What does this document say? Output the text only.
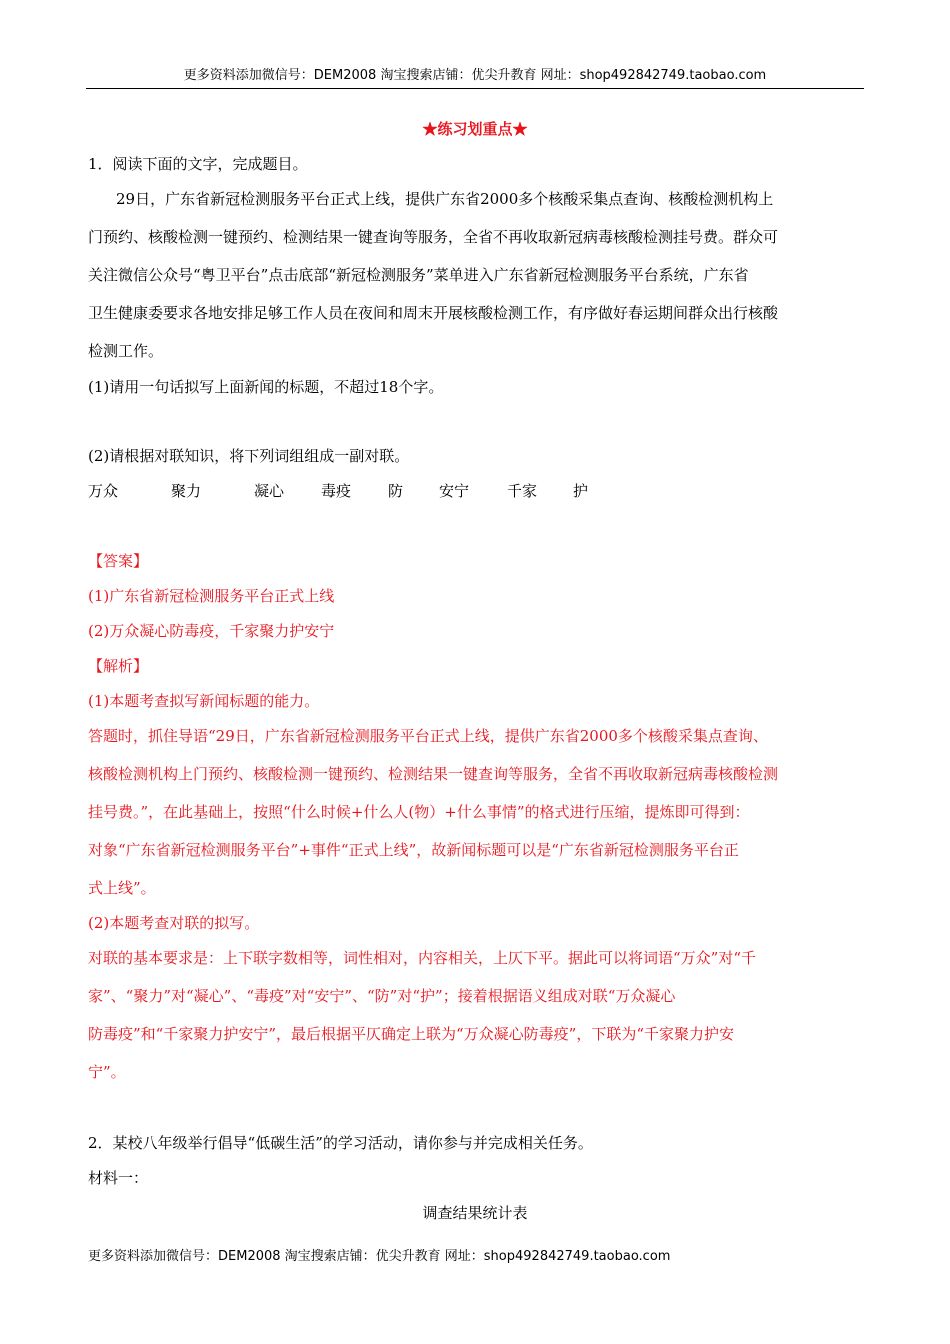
更多资料添加微信号：DEM2008 淘宝搜索店铺：优尖升教育 网址：shop492842749.taobao.com
★练习划重点★
1．阅读下面的文字，完成题目。
29日，广东省新冠检测服务平台正式上线，提供广东省2000多个核酸采集点查询、核酸检测机构上
门预约、核酸检测一键预约、检测结果一键查询等服务，全省不再收取新冠病毒核酸检测挂号费。群众可
关注微信公众号“粤卫平台”点击底部“新冠检测服务”菜单进入广东省新冠检测服务平台系统，广东省
卫生健康委要求各地安排足够工作人员在夜间和周末开展核酸检测工作，有序做好春运期间群众出行核酸
检测工作。
(1)请用一句话拟写上面新闻的标题，不超过18个字。
(2)请根据对联知识，将下列词组组成一副对联。
万众	聚力	凝心 毒疫 防 安宁	千家 护
【答案】
(1)广东省新冠检测服务平台正式上线
(2)万众凝心防毒疫，千家聚力护安宁
【解析】
(1)本题考查拟写新闻标题的能力。
答题时，抓住导语“29日，广东省新冠检测服务平台正式上线，提供广东省2000多个核酸采集点查询、
核酸检测机构上门预约、核酸检测一键预约、检测结果一键查询等服务，全省不再收取新冠病毒核酸检测
挂号费。”，在此基础上，按照“什么时候+什么人(物）+什么事情”的格式进行压缩，提炼即可得到：
对象“广东省新冠检测服务平台”+事件“正式上线”，故新闻标题可以是“广东省新冠检测服务平台正
式上线”。
(2)本题考查对联的拟写。
对联的基本要求是：上下联字数相等，词性相对，内容相关，上仄下平。据此可以将词语“万众”对“千
家”、“聚力”对“凝心”、“毒疫”对“安宁”、“防”对“护”；接着根据语义组成对联“万众凝心
防毒疫”和“千家聚力护安宁”，最后根据平仄确定上联为“万众凝心防毒疫”，下联为“千家聚力护安
宁”。
2．某校八年级举行倡导“低碳生活”的学习活动，请你参与并完成相关任务。
材料一：
调查结果统计表
更多资料添加微信号：DEM2008 淘宝搜索店铺：优尖升教育 网址：shop492842749.taobao.com
